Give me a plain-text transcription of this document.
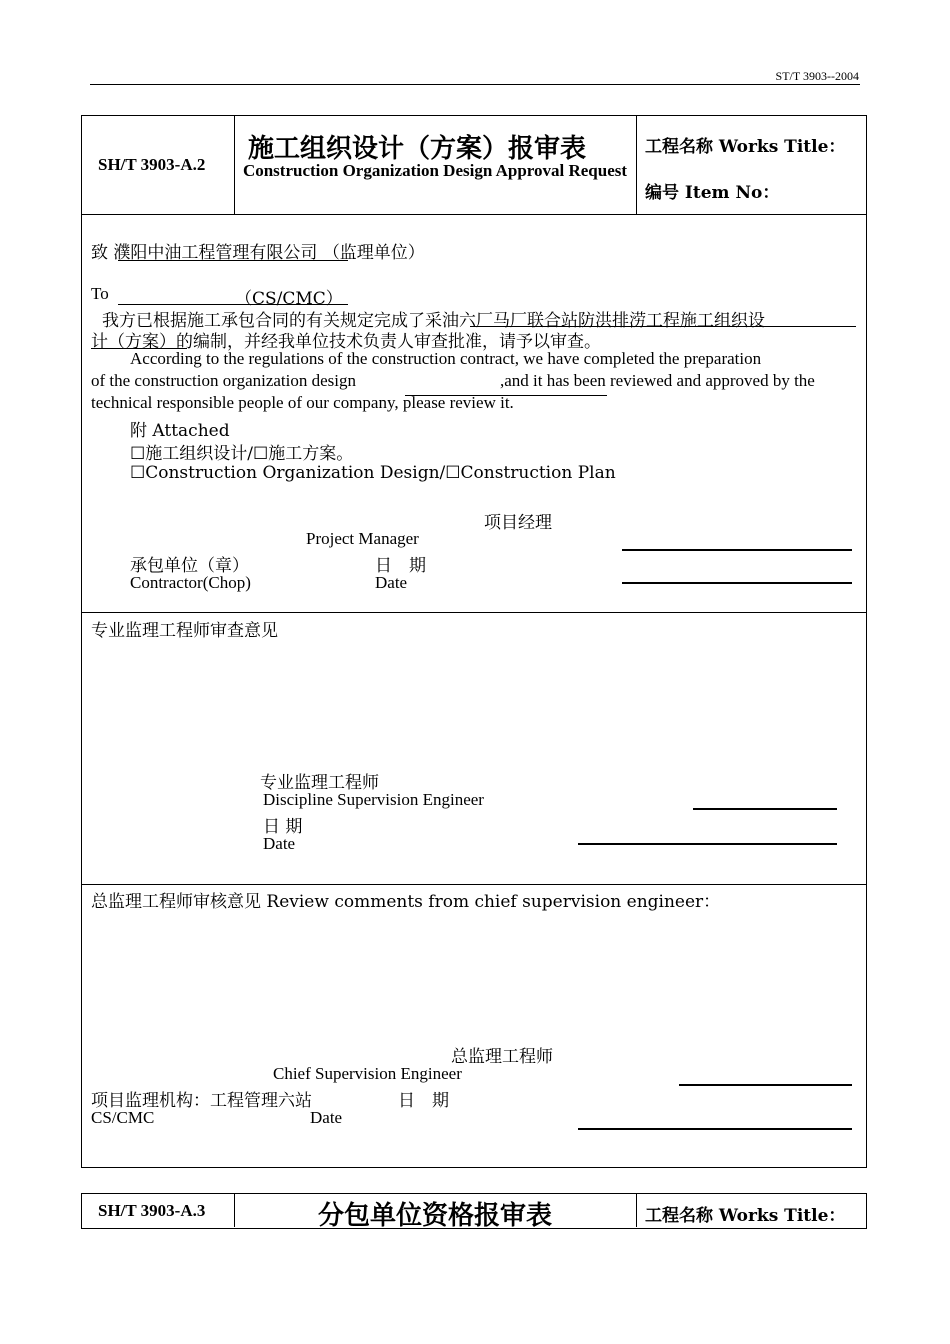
ST/T 3903--2004
SH/T 3903-A.2
施工组织设计（方案）报审表
Construction Organization Design Approval Request
工程名称 Works Title：
编号 Item No：
致 濮阳中油工程管理有限公司 （监理单位）
To	（CS/CMC）
我方已根据施工承包合同的有关规定完成了采油六厂马厂联合站防洪排涝工程施工组织设
计（方案）的编制，并经我单位技术负责人审查批准，请予以审查。
According to the regulations of the construction contract, we have completed the preparation
of the construction organization design	,and it has been reviewed and approved by the
technical responsible people of our company, please review it.
附 Attached
☐施工组织设计/☐施工方案。
☐Construction Organization Design/☐Construction Plan
项目经理
Project Manager
承包单位（章）	日　期
Contractor(Chop)	Date
专业监理工程师审查意见
专业监理工程师
Discipline Supervision Engineer
日 期
Date
总监理工程师审核意见 Review comments from chief supervision engineer：
总监理工程师
Chief Supervision Engineer
项目监理机构：工程管理六站	日　期
CS/CMC	Date
SH/T 3903-A.3	分包单位资格报审表	工程名称 Works Title：
